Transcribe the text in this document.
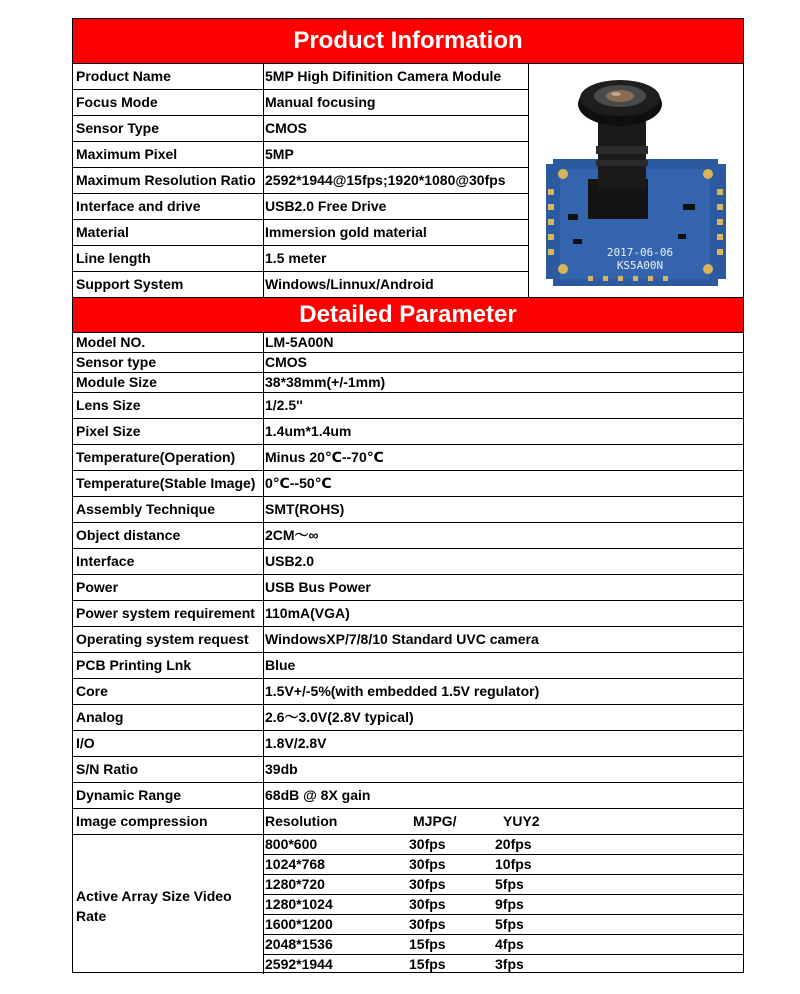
Product Information
2017-06-06
KS5A00N
Product Name	5MP High Difinition Camera Module
Focus Mode	Manual focusing
Sensor Type	CMOS
Maximum Pixel	5MP
Maximum Resolution Ratio 2592*1944@15fps;1920*1080@30fps
Interface and drive	USB2.0 Free Drive
Material	Immersion gold material
Line length	1.5 meter
Support System	Windows/Linnux/Android
Detailed Parameter
Model NO.	LM-5A00N
Sensor type	CMOS
Module Size	38*38mm(+/-1mm)
Lens Size	1/2.5''
Pixel Size	1.4um*1.4um
Temperature(Operation)	Minus 20℃--70℃
Temperature(Stable Image) 0℃--50℃
Assembly Technique	SMT(ROHS)
Object distance	2CM～∞
Interface	USB2.0
Power	USB Bus Power
Power system requirement 110mA(VGA)
Operating system request	WindowsXP/7/8/10 Standard UVC camera
PCB Printing Lnk	Blue
Core	1.5V+/-5%(with embedded 1.5V regulator)
Analog	2.6～3.0V(2.8V typical)
I/O	1.8V/2.8V
S/N Ratio	39db
Dynamic Range	68dB @ 8X gain
Image compression	Resolution	MJPG/	YUY2
800*600	30fps	20fps
1024*768	30fps	10fps
1280*720	30fps	5fps
1280*1024	30fps	9fps
1600*1200	30fps	5fps
2048*1536	15fps	4fps
2592*1944	15fps	3fps
Active Array Size Video
Rate
